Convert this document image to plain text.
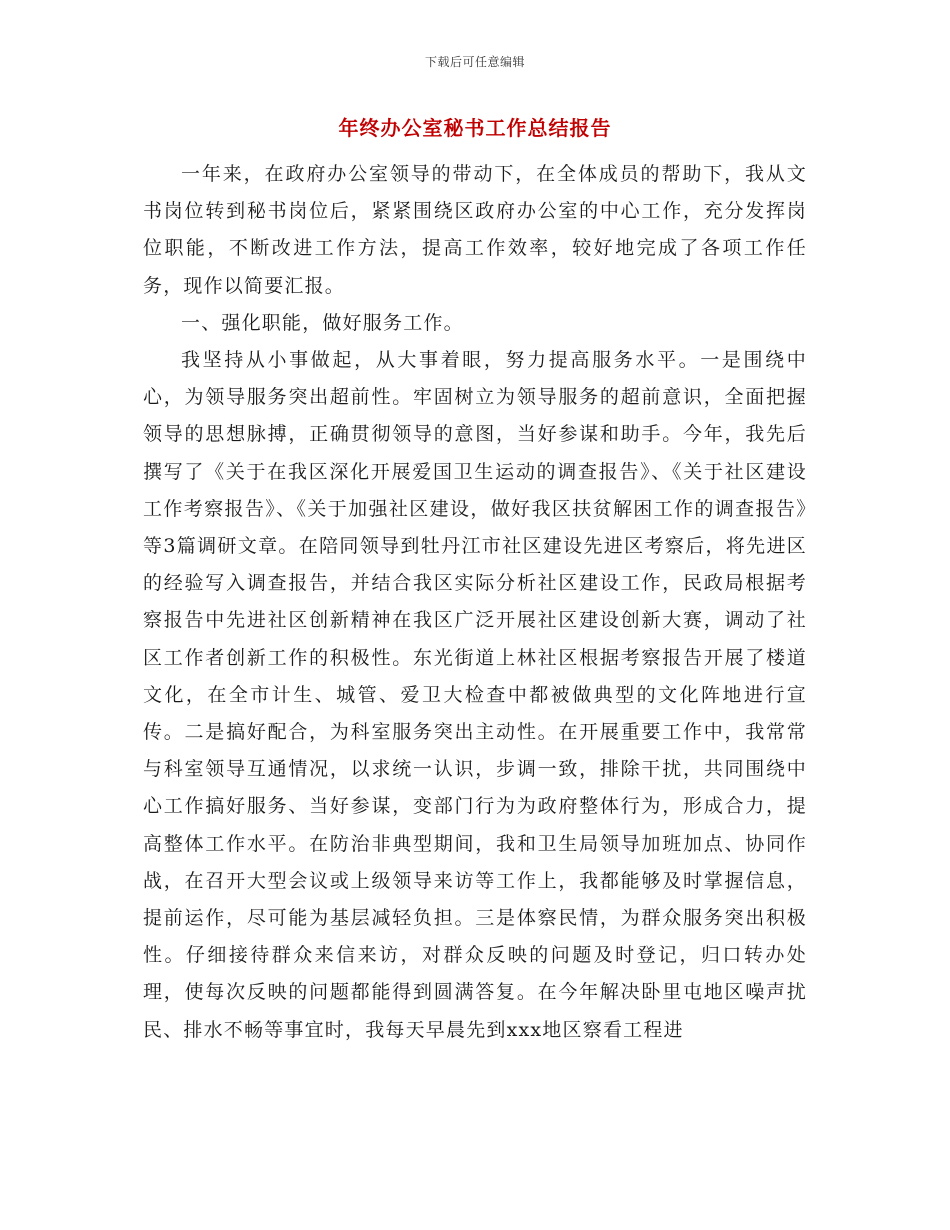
下载后可任意编辑
年终办公室秘书工作总结报告

一年来，在政府办公室领导的带动下，在全体成员的帮助下，我从文书岗位转到秘书岗位后，紧紧围绕区政府办公室的中心工作，充分发挥岗位职能，不断改进工作方法，提高工作效率，较好地完成了各项工作任务，现作以简要汇报。

一、强化职能，做好服务工作。

我坚持从小事做起，从大事着眼，努力提高服务水平。一是围绕中心，为领导服务突出超前性。牢固树立为领导服务的超前意识，全面把握领导的思想脉搏，正确贯彻领导的意图，当好参谋和助手。今年，我先后撰写了《关于在我区深化开展爱国卫生运动的调查报告》、《关于社区建设工作考察报告》、《关于加强社区建设，做好我区扶贫解困工作的调查报告》等3篇调研文章。在陪同领导到牡丹江市社区建设先进区考察后，将先进区的经验写入调查报告，并结合我区实际分析社区建设工作，民政局根据考察报告中先进社区创新精神在我区广泛开展社区建设创新大赛，调动了社区工作者创新工作的积极性。东光街道上林社区根据考察报告开展了楼道文化，在全市计生、城管、爱卫大检查中都被做典型的文化阵地进行宣传。二是搞好配合，为科室服务突出主动性。在开展重要工作中，我常常与科室领导互通情况，以求统一认识，步调一致，排除干扰，共同围绕中心工作搞好服务、当好参谋，变部门行为为政府整体行为，形成合力，提高整体工作水平。在防治非典型期间，我和卫生局领导加班加点、协同作战，在召开大型会议或上级领导来访等工作上，我都能够及时掌握信息，提前运作，尽可能为基层减轻负担。三是体察民情，为群众服务突出积极性。仔细接待群众来信来访，对群众反映的问题及时登记，归口转办处理，使每次反映的问题都能得到圆满答复。在今年解决卧里屯地区噪声扰民、排水不畅等事宜时，我每天早晨先到xxx地区察看工程进
